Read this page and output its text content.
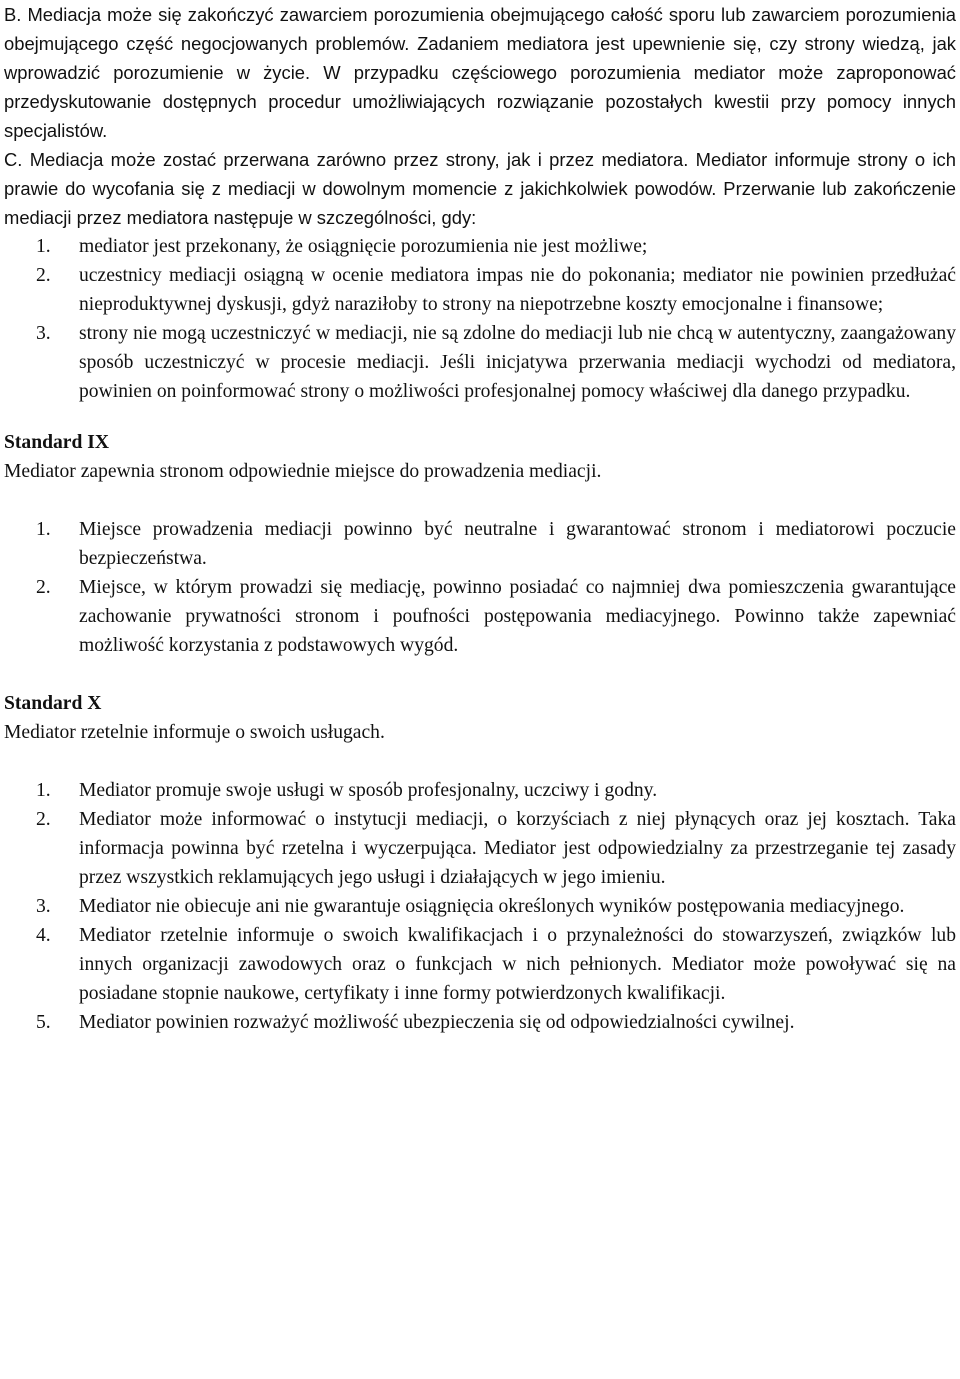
B. Mediacja może się zakończyć zawarciem porozumienia obejmującego całość sporu lub zawarciem porozumienia obejmującego część negocjowanych problemów. Zadaniem mediatora jest upewnienie się, czy strony wiedzą, jak wprowadzić porozumienie w życie. W przypadku częściowego porozumienia mediator może zaproponować przedyskutowanie dostępnych procedur umożliwiających rozwiązanie pozostałych kwestii przy pomocy innych specjalistów.

C. Mediacja może zostać przerwana zarówno przez strony, jak i przez mediatora. Mediator informuje strony o ich prawie do wycofania się z mediacji w dowolnym momencie z jakichkolwiek powodów. Przerwanie lub zakończenie mediacji przez mediatora następuje w szczególności, gdy:

1. mediator jest przekonany, że osiągnięcie porozumienia nie jest możliwe;
2. uczestnicy mediacji osiągną w ocenie mediatora impas nie do pokonania; mediator nie powinien przedłużać nieproduktywnej dyskusji, gdyż naraziłoby to strony na niepotrzebne koszty emocjonalne i finansowe;
3. strony nie mogą uczestniczyć w mediacji, nie są zdolne do mediacji lub nie chcą w autentyczny, zaangażowany sposób uczestniczyć w procesie mediacji. Jeśli inicjatywa przerwania mediacji wychodzi od mediatora, powinien on poinformować strony o możliwości profesjonalnej pomocy właściwej dla danego przypadku.

Standard IX

Mediator zapewnia stronom odpowiednie miejsce do prowadzenia mediacji.

1. Miejsce prowadzenia mediacji powinno być neutralne i gwarantować stronom i mediatorowi poczucie bezpieczeństwa.
2. Miejsce, w którym prowadzi się mediację, powinno posiadać co najmniej dwa pomieszczenia gwarantujące zachowanie prywatności stronom i poufności postępowania mediacyjnego. Powinno także zapewniać możliwość korzystania z podstawowych wygód.

Standard X

Mediator rzetelnie informuje o swoich usługach.

1. Mediator promuje swoje usługi w sposób profesjonalny, uczciwy i godny.
2. Mediator może informować o instytucji mediacji, o korzyściach z niej płynących oraz jej kosztach. Taka informacja powinna być rzetelna i wyczerpująca. Mediator jest odpowiedzialny za przestrzeganie tej zasady przez wszystkich reklamujących jego usługi i działających w jego imieniu.
3. Mediator nie obiecuje ani nie gwarantuje osiągnięcia określonych wyników postępowania mediacyjnego.
4. Mediator rzetelnie informuje o swoich kwalifikacjach i o przynależności do stowarzyszeń, związków lub innych organizacji zawodowych oraz o funkcjach w nich pełnionych. Mediator może powoływać się na posiadane stopnie naukowe, certyfikaty i inne formy potwierdzonych kwalifikacji.
5. Mediator powinien rozważyć możliwość ubezpieczenia się od odpowiedzialności cywilnej.
